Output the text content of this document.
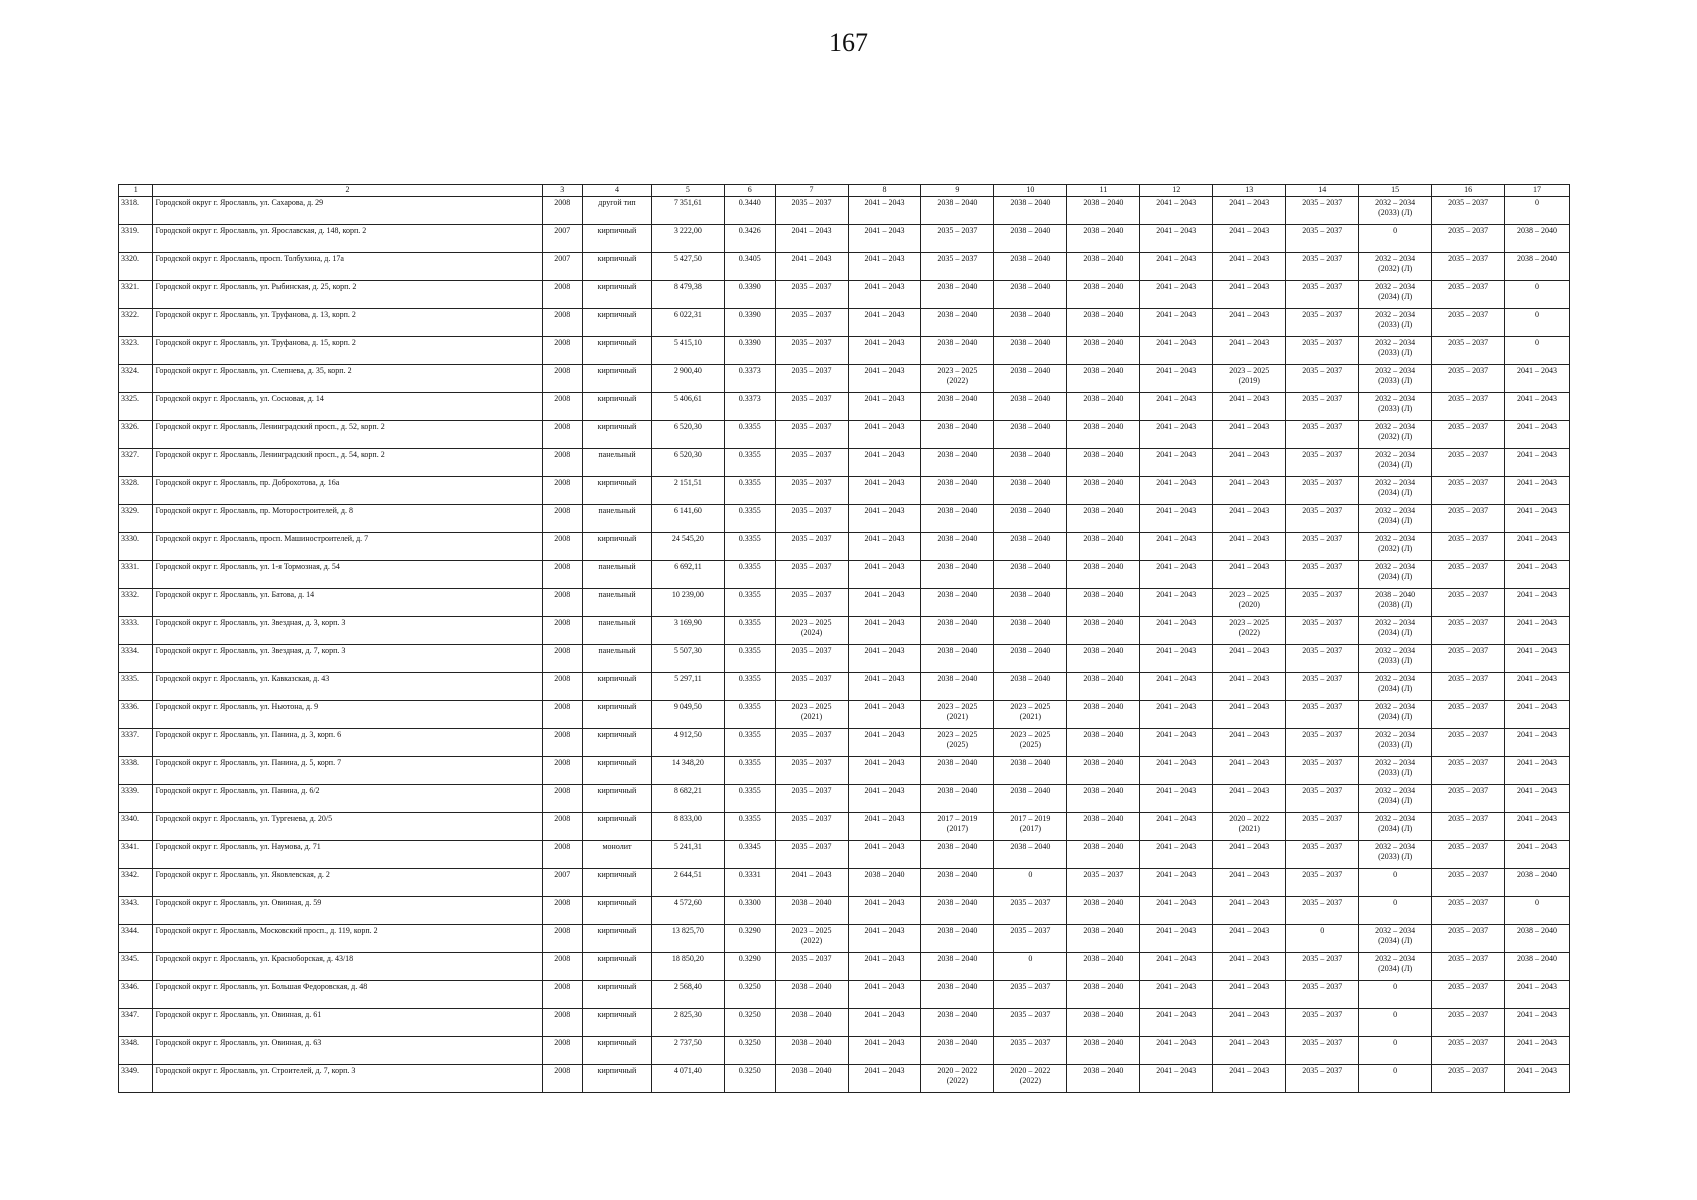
167
1	2	3	4	5	6	7	8	9	10	11	12	13	14	15	16	17
3318.	Городской округ г. Ярославль, ул. Сахарова, д. 29	2008	другой тип	7 351,61	0.3440	2035 – 2037	2041 – 2043	2038 – 2040	2038 – 2040	2038 – 2040	2041 – 2043	2041 – 2043	2035 – 2037	2032 – 2034
(2033) (Л)	2035 – 2037	0
3319.	Городской округ г. Ярославль, ул. Ярославская, д. 148, корп. 2	2007	кирпичный	3 222,00	0.3426	2041 – 2043	2041 – 2043	2035 – 2037	2038 – 2040	2038 – 2040	2041 – 2043	2041 – 2043	2035 – 2037	0	2035 – 2037	2038 – 2040
3320.	Городской округ г. Ярославль, просп. Толбухина, д. 17а	2007	кирпичный	5 427,50	0.3405	2041 – 2043	2041 – 2043	2035 – 2037	2038 – 2040	2038 – 2040	2041 – 2043	2041 – 2043	2035 – 2037	2032 – 2034
(2032) (Л)	2035 – 2037	2038 – 2040
3321.	Городской округ г. Ярославль, ул. Рыбинская, д. 25, корп. 2	2008	кирпичный	8 479,38	0.3390	2035 – 2037	2041 – 2043	2038 – 2040	2038 – 2040	2038 – 2040	2041 – 2043	2041 – 2043	2035 – 2037	2032 – 2034
(2034) (Л)	2035 – 2037	0
3322.	Городской округ г. Ярославль, ул. Труфанова, д. 13, корп. 2	2008	кирпичный	6 022,31	0.3390	2035 – 2037	2041 – 2043	2038 – 2040	2038 – 2040	2038 – 2040	2041 – 2043	2041 – 2043	2035 – 2037	2032 – 2034
(2033) (Л)	2035 – 2037	0
3323.	Городской округ г. Ярославль, ул. Труфанова, д. 15, корп. 2	2008	кирпичный	5 415,10	0.3390	2035 – 2037	2041 – 2043	2038 – 2040	2038 – 2040	2038 – 2040	2041 – 2043	2041 – 2043	2035 – 2037	2032 – 2034
(2033) (Л)	2035 – 2037	0
3324.	Городской округ г. Ярославль, ул. Слепнева, д. 35, корп. 2	2008	кирпичный	2 900,40	0.3373	2035 – 2037	2041 – 2043	2023 – 2025
(2022)	2038 – 2040	2038 – 2040	2041 – 2043	2023 – 2025
(2019)	2035 – 2037	2032 – 2034
(2033) (Л)	2035 – 2037	2041 – 2043
3325.	Городской округ г. Ярославль, ул. Сосновая, д. 14	2008	кирпичный	5 406,61	0.3373	2035 – 2037	2041 – 2043	2038 – 2040	2038 – 2040	2038 – 2040	2041 – 2043	2041 – 2043	2035 – 2037	2032 – 2034
(2033) (Л)	2035 – 2037	2041 – 2043
3326.	Городской округ г. Ярославль, Ленинградский просп., д. 52, корп. 2	2008	кирпичный	6 520,30	0.3355	2035 – 2037	2041 – 2043	2038 – 2040	2038 – 2040	2038 – 2040	2041 – 2043	2041 – 2043	2035 – 2037	2032 – 2034
(2032) (Л)	2035 – 2037	2041 – 2043
3327.	Городской округ г. Ярославль, Ленинградский просп., д. 54, корп. 2	2008	панельный	6 520,30	0.3355	2035 – 2037	2041 – 2043	2038 – 2040	2038 – 2040	2038 – 2040	2041 – 2043	2041 – 2043	2035 – 2037	2032 – 2034
(2034) (Л)	2035 – 2037	2041 – 2043
3328.	Городской округ г. Ярославль, пр. Доброхотова, д. 16а	2008	кирпичный	2 151,51	0.3355	2035 – 2037	2041 – 2043	2038 – 2040	2038 – 2040	2038 – 2040	2041 – 2043	2041 – 2043	2035 – 2037	2032 – 2034
(2034) (Л)	2035 – 2037	2041 – 2043
3329.	Городской округ г. Ярославль, пр. Моторостроителей, д. 8	2008	панельный	6 141,60	0.3355	2035 – 2037	2041 – 2043	2038 – 2040	2038 – 2040	2038 – 2040	2041 – 2043	2041 – 2043	2035 – 2037	2032 – 2034
(2034) (Л)	2035 – 2037	2041 – 2043
3330.	Городской округ г. Ярославль, просп. Машиностроителей, д. 7	2008	кирпичный	24 545,20	0.3355	2035 – 2037	2041 – 2043	2038 – 2040	2038 – 2040	2038 – 2040	2041 – 2043	2041 – 2043	2035 – 2037	2032 – 2034
(2032) (Л)	2035 – 2037	2041 – 2043
3331.	Городской округ г. Ярославль, ул. 1-я Тормозная, д. 54	2008	панельный	6 692,11	0.3355	2035 – 2037	2041 – 2043	2038 – 2040	2038 – 2040	2038 – 2040	2041 – 2043	2041 – 2043	2035 – 2037	2032 – 2034
(2034) (Л)	2035 – 2037	2041 – 2043
3332.	Городской округ г. Ярославль, ул. Батова, д. 14	2008	панельный	10 239,00	0.3355	2035 – 2037	2041 – 2043	2038 – 2040	2038 – 2040	2038 – 2040	2041 – 2043	2023 – 2025
(2020)	2035 – 2037	2038 – 2040
(2038) (Л)	2035 – 2037	2041 – 2043
3333.	Городской округ г. Ярославль, ул. Звездная, д. 3, корп. 3	2008	панельный	3 169,90	0.3355	2023 – 2025
(2024)	2041 – 2043	2038 – 2040	2038 – 2040	2038 – 2040	2041 – 2043	2023 – 2025
(2022)	2035 – 2037	2032 – 2034
(2034) (Л)	2035 – 2037	2041 – 2043
3334.	Городской округ г. Ярославль, ул. Звездная, д. 7, корп. 3	2008	панельный	5 507,30	0.3355	2035 – 2037	2041 – 2043	2038 – 2040	2038 – 2040	2038 – 2040	2041 – 2043	2041 – 2043	2035 – 2037	2032 – 2034
(2033) (Л)	2035 – 2037	2041 – 2043
3335.	Городской округ г. Ярославль, ул. Кавказская, д. 43	2008	кирпичный	5 297,11	0.3355	2035 – 2037	2041 – 2043	2038 – 2040	2038 – 2040	2038 – 2040	2041 – 2043	2041 – 2043	2035 – 2037	2032 – 2034
(2034) (Л)	2035 – 2037	2041 – 2043
3336.	Городской округ г. Ярославль, ул. Ньютона, д. 9	2008	кирпичный	9 049,50	0.3355	2023 – 2025
(2021)	2041 – 2043	2023 – 2025
(2021)	2023 – 2025
(2021)	2038 – 2040	2041 – 2043	2041 – 2043	2035 – 2037	2032 – 2034
(2034) (Л)	2035 – 2037	2041 – 2043
3337.	Городской округ г. Ярославль, ул. Панина, д. 3, корп. 6	2008	кирпичный	4 912,50	0.3355	2035 – 2037	2041 – 2043	2023 – 2025
(2025)	2023 – 2025
(2025)	2038 – 2040	2041 – 2043	2041 – 2043	2035 – 2037	2032 – 2034
(2033) (Л)	2035 – 2037	2041 – 2043
3338.	Городской округ г. Ярославль, ул. Панина, д. 5, корп. 7	2008	кирпичный	14 348,20	0.3355	2035 – 2037	2041 – 2043	2038 – 2040	2038 – 2040	2038 – 2040	2041 – 2043	2041 – 2043	2035 – 2037	2032 – 2034
(2033) (Л)	2035 – 2037	2041 – 2043
3339.	Городской округ г. Ярославль, ул. Панина, д. 6/2	2008	кирпичный	8 682,21	0.3355	2035 – 2037	2041 – 2043	2038 – 2040	2038 – 2040	2038 – 2040	2041 – 2043	2041 – 2043	2035 – 2037	2032 – 2034
(2034) (Л)	2035 – 2037	2041 – 2043
3340.	Городской округ г. Ярославль, ул. Тургенева, д. 20/5	2008	кирпичный	8 833,00	0.3355	2035 – 2037	2041 – 2043	2017 – 2019
(2017)	2017 – 2019
(2017)	2038 – 2040	2041 – 2043	2020 – 2022
(2021)	2035 – 2037	2032 – 2034
(2034) (Л)	2035 – 2037	2041 – 2043
3341.	Городской округ г. Ярославль, ул. Наумова, д. 71	2008	монолит	5 241,31	0.3345	2035 – 2037	2041 – 2043	2038 – 2040	2038 – 2040	2038 – 2040	2041 – 2043	2041 – 2043	2035 – 2037	2032 – 2034
(2033) (Л)	2035 – 2037	2041 – 2043
3342.	Городской округ г. Ярославль, ул. Яковлевская, д. 2	2007	кирпичный	2 644,51	0.3331	2041 – 2043	2038 – 2040	2038 – 2040	0	2035 – 2037	2041 – 2043	2041 – 2043	2035 – 2037	0	2035 – 2037	2038 – 2040
3343.	Городской округ г. Ярославль, ул. Овинная, д. 59	2008	кирпичный	4 572,60	0.3300	2038 – 2040	2041 – 2043	2038 – 2040	2035 – 2037	2038 – 2040	2041 – 2043	2041 – 2043	2035 – 2037	0	2035 – 2037	0
3344.	Городской округ г. Ярославль, Московский просп., д. 119, корп. 2	2008	кирпичный	13 825,70	0.3290	2023 – 2025
(2022)	2041 – 2043	2038 – 2040	2035 – 2037	2038 – 2040	2041 – 2043	2041 – 2043	0	2032 – 2034
(2034) (Л)	2035 – 2037	2038 – 2040
3345.	Городской округ г. Ярославль, ул. Красноборская, д. 43/18	2008	кирпичный	18 850,20	0.3290	2035 – 2037	2041 – 2043	2038 – 2040	0	2038 – 2040	2041 – 2043	2041 – 2043	2035 – 2037	2032 – 2034
(2034) (Л)	2035 – 2037	2038 – 2040
3346.	Городской округ г. Ярославль, ул. Большая Федоровская, д. 48	2008	кирпичный	2 568,40	0.3250	2038 – 2040	2041 – 2043	2038 – 2040	2035 – 2037	2038 – 2040	2041 – 2043	2041 – 2043	2035 – 2037	0	2035 – 2037	2041 – 2043
3347.	Городской округ г. Ярославль, ул. Овинная, д. 61	2008	кирпичный	2 825,30	0.3250	2038 – 2040	2041 – 2043	2038 – 2040	2035 – 2037	2038 – 2040	2041 – 2043	2041 – 2043	2035 – 2037	0	2035 – 2037	2041 – 2043
3348.	Городской округ г. Ярославль, ул. Овинная, д. 63	2008	кирпичный	2 737,50	0.3250	2038 – 2040	2041 – 2043	2038 – 2040	2035 – 2037	2038 – 2040	2041 – 2043	2041 – 2043	2035 – 2037	0	2035 – 2037	2041 – 2043
3349.	Городской округ г. Ярославль, ул. Строителей, д. 7, корп. 3	2008	кирпичный	4 071,40	0.3250	2038 – 2040	2041 – 2043	2020 – 2022
(2022)	2020 – 2022
(2022)	2038 – 2040	2041 – 2043	2041 – 2043	2035 – 2037	0	2035 – 2037	2041 – 2043
